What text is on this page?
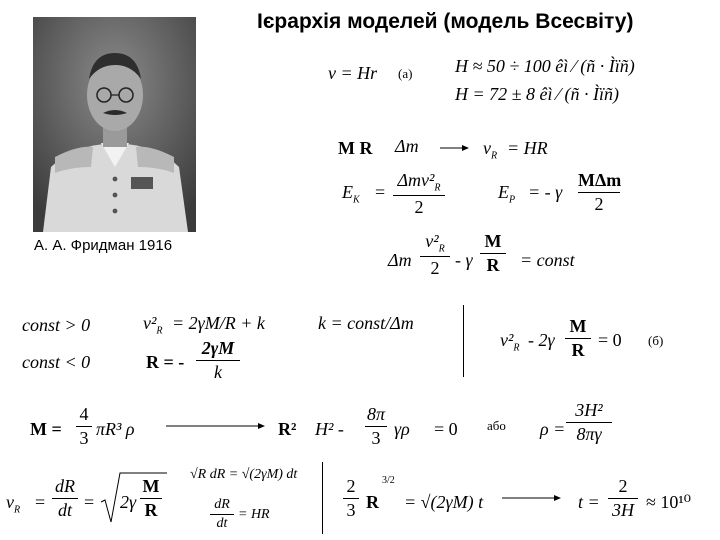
Ієрархія моделей (модель Всесвіту)
А. А. Фридман 1916
v = Hr (а) H ≈ 50 ÷ 100 êì ⁄ (ñ · Ìïñ)
H = 72 ± 8 êì ⁄ (ñ · Ìïñ)
M R Δm	$v_R$ = HR
$E_K$ =
$\Delta mv^2_R$
2
$E_P$ = - γ
MΔm
2
Δm
$v^2_R$
2 - γ
M
R	= const
const > 0	$v^2_R = 2\gamma M/R + k$	k = const/Δm
const < 0	R = -
2γM
k
$v^2_R - 2\gamma$
M
R = 0 (б)
M =
4
3 πR³ ρ	R² H² -
8π
3 γρ = 0 або ρ =
3H²
8πγ
$v_R$ =
dR
dt = 2γ
M
R
√R dR = √(2γM) dt
dR
dt
= HR
2
3 R
3/2
= √(2γM) t	t =
2
3H ≈ 10¹⁰
